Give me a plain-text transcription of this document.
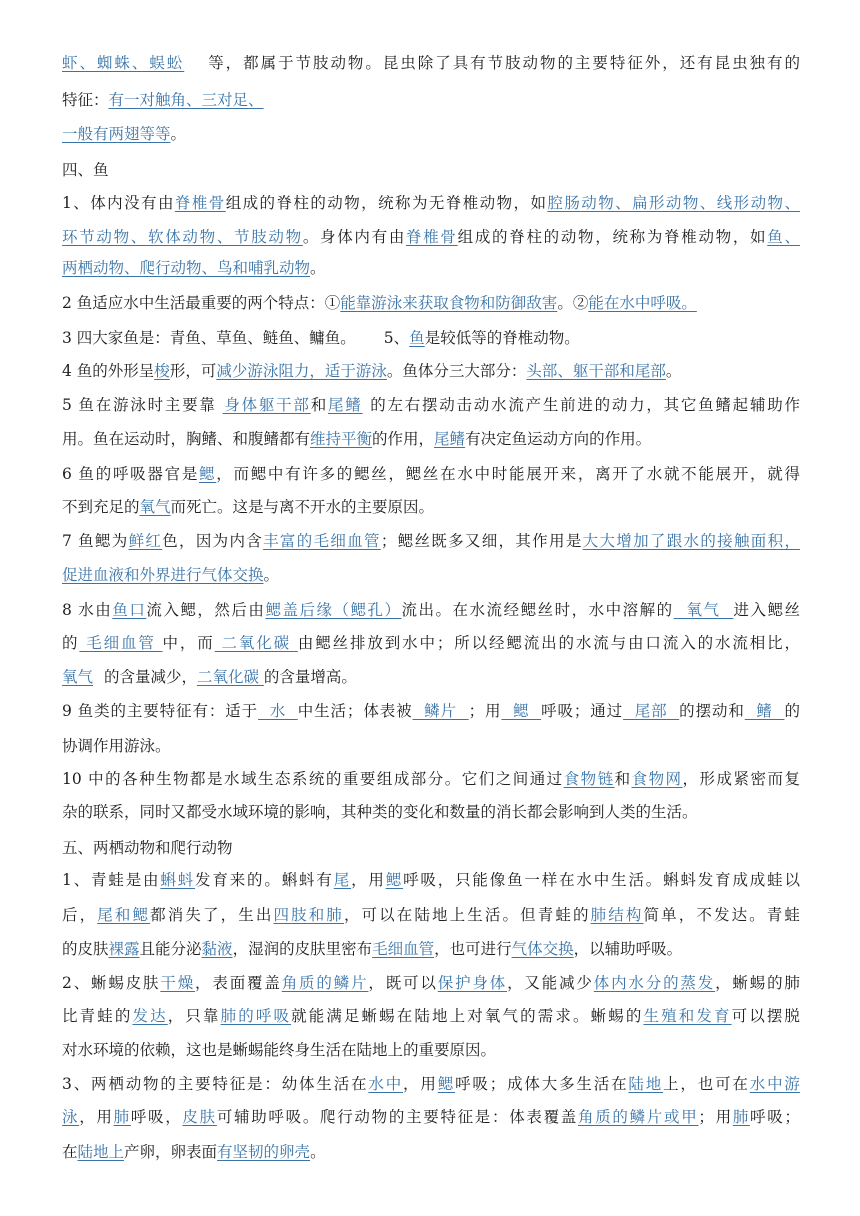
虾、蜘蛛、蜈蚣 等，都属于节肢动物。昆虫除了具有节肢动物的主要特征外，还有昆虫独有的
特征：有一对触角、三对足、
一般有两翅等等。
四、鱼
1、体内没有由脊椎骨组成的脊柱的动物，统称为无脊椎动物，如腔肠动物、扁形动物、线形动物、
环节动物、软体动物、节肢动物。身体内有由脊椎骨组成的脊柱的动物，统称为脊椎动物，如鱼、
两栖动物、爬行动物、鸟和哺乳动物。
2 鱼适应水中生活最重要的两个特点：①能靠游泳来获取食物和防御敌害。②能在水中呼吸。
3 四大家鱼是：青鱼、草鱼、鲢鱼、鳙鱼。 5、鱼是较低等的脊椎动物。
4 鱼的外形呈梭形，可减少游泳阻力，适于游泳。鱼体分三大部分：头部、躯干部和尾部。
5 鱼在游泳时主要靠 身体躯干部和尾鳍 的左右摆动击动水流产生前进的动力，其它鱼鳍起辅助作
用。鱼在运动时，胸鳍、和腹鳍都有维持平衡的作用，尾鳍有决定鱼运动方向的作用。
6 鱼的呼吸器官是鳃，而鳃中有许多的鳃丝，鳃丝在水中时能展开来，离开了水就不能展开，就得
不到充足的氧气而死亡。这是与离不开水的主要原因。
7 鱼鳃为鲜红色，因为内含丰富的毛细血管；鳃丝既多又细，其作用是大大增加了跟水的接触面积，
促进血液和外界进行气体交换。
8 水由鱼口流入鳃，然后由鳃盖后缘（鳃孔）流出。在水流经鳃丝时，水中溶解的  氧气  进入鳃丝
的 毛细血管 中，而 二氧化碳 由鳃丝排放到水中；所以经鳃流出的水流与由口流入的水流相比，
氧气 的含量减少，二氧化碳 的含量增高。
9 鱼类的主要特征有：适于  水  中生活；体表被  鳞片  ；用  鳃  呼吸；通过  尾部  的摆动和  鳍  的
协调作用游泳。
10 中的各种生物都是水域生态系统的重要组成部分。它们之间通过食物链和食物网，形成紧密而复
杂的联系，同时又都受水域环境的影响，其种类的变化和数量的消长都会影响到人类的生活。
五、两栖动物和爬行动物
1、青蛙是由蝌蚪发育来的。蝌蚪有尾，用鳃呼吸，只能像鱼一样在水中生活。蝌蚪发育成成蛙以
后，尾和鳃都消失了，生出四肢和肺，可以在陆地上生活。但青蛙的肺结构简单，不发达。青蛙
的皮肤裸露且能分泌黏液，湿润的皮肤里密布毛细血管，也可进行气体交换，以辅助呼吸。
2、蜥蜴皮肤干燥，表面覆盖角质的鳞片，既可以保护身体，又能减少体内水分的蒸发，蜥蜴的肺
比青蛙的发达，只靠肺的呼吸就能满足蜥蜴在陆地上对氧气的需求。蜥蜴的生殖和发育可以摆脱
对水环境的依赖，这也是蜥蜴能终身生活在陆地上的重要原因。
3、两栖动物的主要特征是：幼体生活在水中，用鳃呼吸；成体大多生活在陆地上，也可在水中游
泳，用肺呼吸，皮肤可辅助呼吸。爬行动物的主要特征是：体表覆盖角质的鳞片或甲；用肺呼吸；
在陆地上产卵，卵表面有坚韧的卵壳。
